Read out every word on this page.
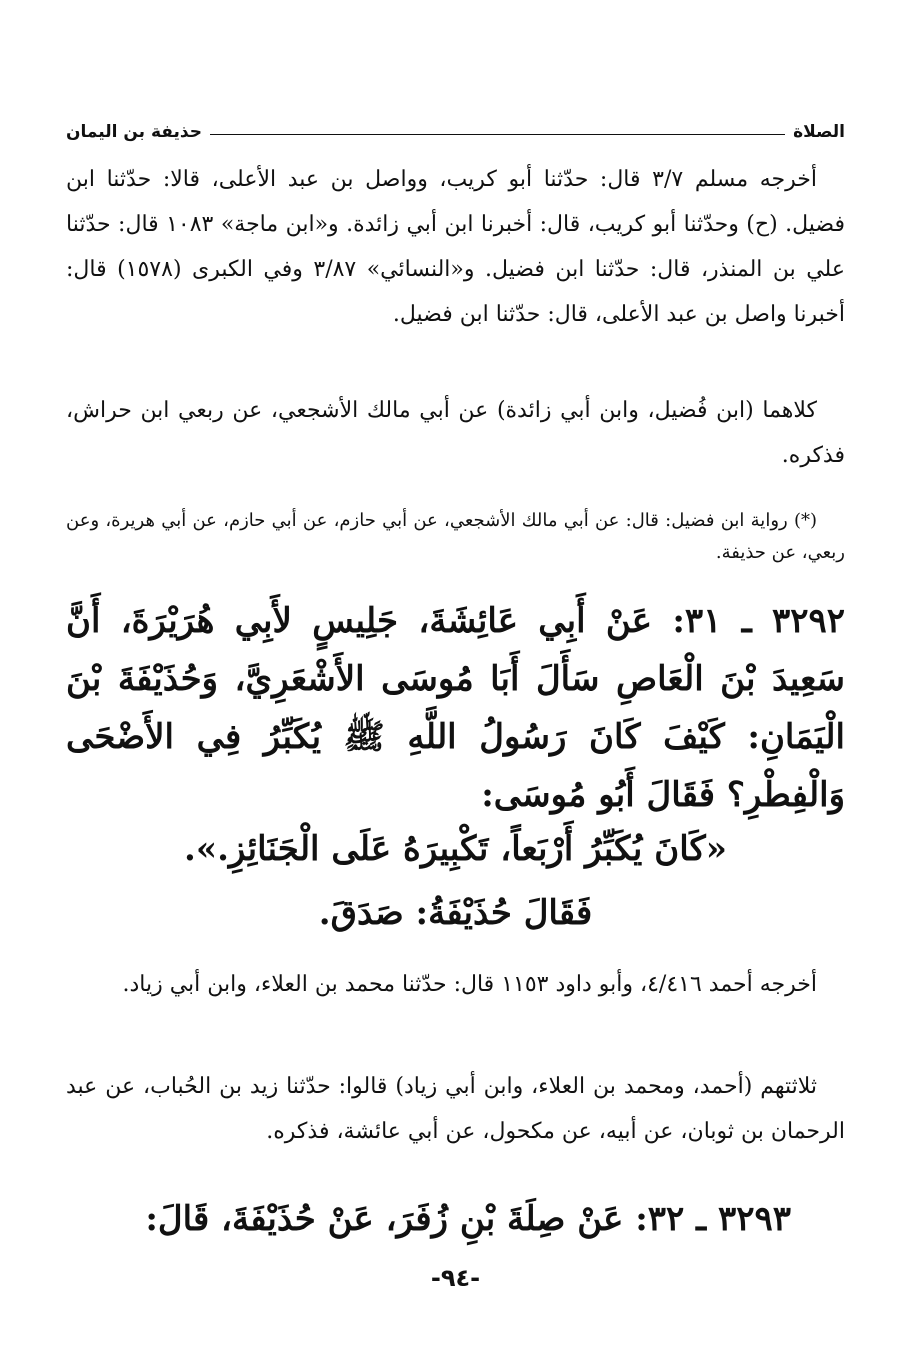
الصلاة
حذيفة بن اليمان

أخرجه مسلم ٣/٧ قال: حدّثنا أبو كريب، وواصل بن عبد الأعلى، قالا: حدّثنا ابن فضيل. (ح) وحدّثنا أبو كريب، قال: أخبرنا ابن أبي زائدة. و«ابن ماجة» ١٠٨٣ قال: حدّثنا علي بن المنذر، قال: حدّثنا ابن فضيل. و«النسائي» ٣/٨٧ وفي الكبرى (١٥٧٨) قال: أخبرنا واصل بن عبد الأعلى، قال: حدّثنا ابن فضيل.

كلاهما (ابن فُضيل، وابن أبي زائدة) عن أبي مالك الأشجعي، عن ربعي ابن حراش، فذكره.

(*) رواية ابن فضيل: قال: عن أبي مالك الأشجعي، عن أبي حازم، عن أبي حازم، عن أبي هريرة، وعن ربعي، عن حذيفة.

٣٢٩٢ ـ ٣١: عَنْ أَبِي عَائِشَةَ، جَلِيسٍ لأَبِي هُرَيْرَةَ، أَنَّ سَعِيدَ بْنَ الْعَاصِ سَأَلَ أَبَا مُوسَى الأَشْعَرِيَّ، وَحُذَيْفَةَ بْنَ الْيَمَانِ: كَيْفَ كَانَ رَسُولُ اللَّهِ ﷺ يُكَبِّرُ فِي الأَضْحَى وَالْفِطْرِ؟ فَقَالَ أَبُو مُوسَى:

«كَانَ يُكَبِّرُ أَرْبَعاً، تَكْبِيرَهُ عَلَى الْجَنَائِزِ.».

فَقَالَ حُذَيْفَةُ: صَدَقَ.

أخرجه أحمد ٤/٤١٦، وأبو داود ١١٥٣ قال: حدّثنا محمد بن العلاء، وابن أبي زياد.

ثلاثتهم (أحمد، ومحمد بن العلاء، وابن أبي زياد) قالوا: حدّثنا زيد بن الحُباب، عن عبد الرحمان بن ثوبان، عن أبيه، عن مكحول، عن أبي عائشة، فذكره.

٣٢٩٣ ـ ٣٢: عَنْ صِلَةَ بْنِ زُفَرَ، عَنْ حُذَيْفَةَ، قَالَ:

-٩٤-
